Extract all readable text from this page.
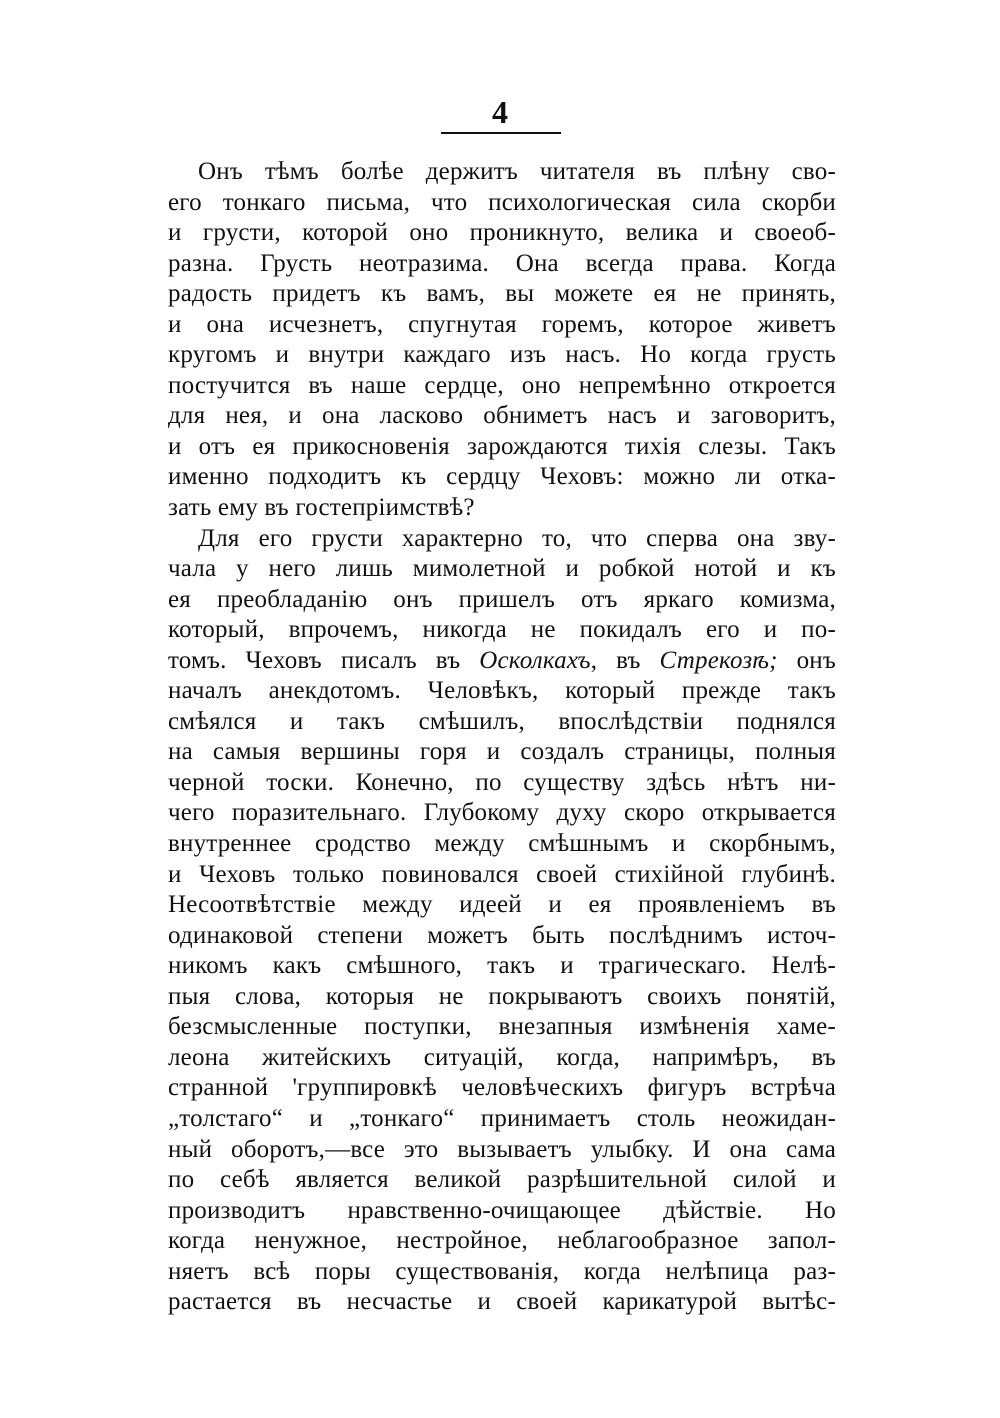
4
Онъ тѣмъ болѣе держитъ читателя въ плѣну сво-
его тонкаго письма, что психологическая сила скорби
и грусти, которой оно проникнуто, велика и своеоб-
разна. Грусть неотразима. Она всегда права. Когда
радость придетъ къ вамъ, вы можете ея не принять,
и она исчезнетъ, спугнутая горемъ, которое живетъ
кругомъ и внутри каждаго изъ насъ. Но когда грусть
постучится въ наше сердце, оно непремѣнно откроется
для нея, и она ласково обниметъ насъ и заговоритъ,
и отъ ея прикосновенія зарождаются тихія слезы. Такъ
именно подходитъ къ сердцу Чеховъ: можно ли отка-
зать ему въ гостепріимствѣ?
Для его грусти характерно то, что сперва она зву-
чала у него лишь мимолетной и робкой нотой и къ
ея преобладанію онъ пришелъ отъ яркаго комизма,
который, впрочемъ, никогда не покидалъ его и по-
томъ. Чеховъ писалъ въ Осколкахъ, въ Стрекозѣ; онъ
началъ анекдотомъ. Человѣкъ, который прежде такъ
смѣялся и такъ смѣшилъ, впослѣдствіи поднялся
на самыя вершины горя и создалъ страницы, полныя
черной тоски. Конечно, по существу здѣсь нѣтъ ни-
чего поразительнаго. Глубокому духу скоро открывается
внутреннее сродство между смѣшнымъ и скорбнымъ,
и Чеховъ только повиновался своей стихійной глубинѣ.
Несоотвѣтствіе между идеей и ея проявленіемъ въ
одинаковой степени можетъ быть послѣднимъ источ-
никомъ какъ смѣшного, такъ и трагическаго. Нелѣ-
пыя слова, которыя не покрываютъ своихъ понятій,
безсмысленные поступки, внезапныя измѣненія хаме-
леона житейскихъ ситуацій, когда, напримѣръ, въ
странной 'группировкѣ человѣческихъ фигуръ встрѣча
„толстаго“ и „тонкаго“ принимаетъ столь неожидан-
ный оборотъ,—все это вызываетъ улыбку. И она сама
по себѣ является великой разрѣшительной силой и
производитъ нравственно-очищающее дѣйствіе. Но
когда ненужное, нестройное, неблагообразное запол-
няетъ всѣ поры существованія, когда нелѣпица раз-
растается въ несчастье и своей карикатурой вытѣс-
